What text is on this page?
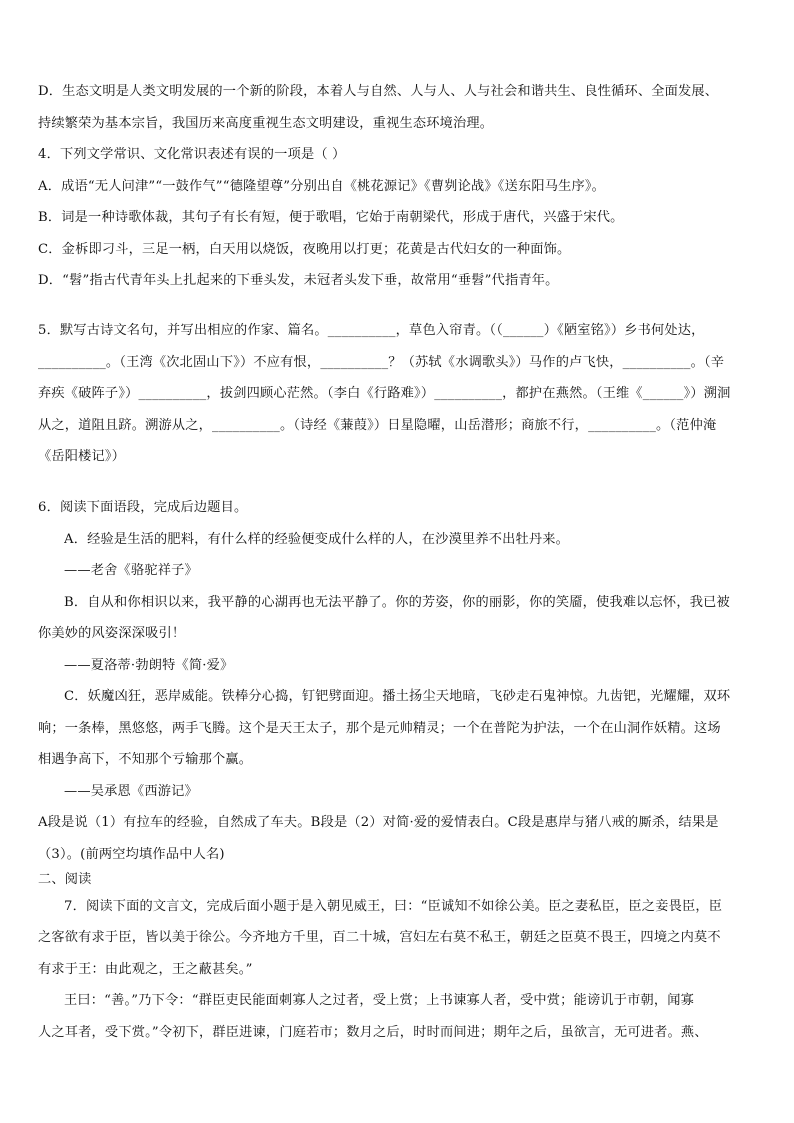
D．生态文明是人类文明发展的一个新的阶段，本着人与自然、人与人、人与社会和谐共生、良性循环、全面发展、
持续繁荣为基本宗旨，我国历来高度重视生态文明建设，重视生态环境治理。
4．下列文学常识、文化常识表述有误的一项是（ ）
A．成语“无人问津”“一鼓作气”“德隆望尊”分别出自《桃花源记》《曹刿论战》《送东阳马生序》。
B．词是一种诗歌体裁，其句子有长有短，便于歌唱，它始于南朝梁代，形成于唐代，兴盛于宋代。
C．金柝即刁斗，三足一柄，白天用以烧饭，夜晚用以打更；花黄是古代妇女的一种面饰。
D．“髫”指古代青年头上扎起来的下垂头发，未冠者头发下垂，故常用“垂髫”代指青年。
5．默写古诗文名句，并写出相应的作家、篇名。__________，草色入帘青。（（______）《陋室铭》）乡书何处达，
__________。（王湾《次北固山下》）不应有恨，__________？（苏轼《水调歌头》）马作的卢飞快，__________。（辛
弃疾《破阵子》）__________，拔剑四顾心茫然。（李白《行路难》）__________，都护在燕然。（王维《______》）溯洄
从之，道阻且跻。溯游从之，__________。（诗经《蒹葭》）日星隐曜，山岳潜形；商旅不行，__________。（范仲淹
《岳阳楼记》）
6．阅读下面语段，完成后边题目。
A．经验是生活的肥料，有什么样的经验便变成什么样的人，在沙漠里养不出牡丹来。
——老舍《骆驼祥子》
B．自从和你相识以来，我平静的心湖再也无法平静了。你的芳姿，你的丽影，你的笑靥，使我难以忘怀，我已被
你美妙的风姿深深吸引！
——夏洛蒂·勃朗特《简·爱》
C．妖魔凶狂，恶岸威能。铁棒分心捣，钉钯劈面迎。播土扬尘天地暗，飞砂走石鬼神惊。九齿钯，光耀耀，双环
响；一条棒，黑悠悠，两手飞腾。这个是天王太子，那个是元帅精灵；一个在普陀为护法，一个在山洞作妖精。这场
相遇争高下，不知那个亏输那个赢。
——吴承恩《西游记》
A段是说（1）有拉车的经验，自然成了车夫。B段是（2）对简·爱的爱情表白。C段是惠岸与猪八戒的厮杀，结果是
（3）。(前两空均填作品中人名)
二、阅读
7．阅读下面的文言文，完成后面小题于是入朝见威王，曰：“臣诚知不如徐公美。臣之妻私臣，臣之妾畏臣，臣
之客欲有求于臣，皆以美于徐公。今齐地方千里，百二十城，宫妇左右莫不私王，朝廷之臣莫不畏王，四境之内莫不
有求于王：由此观之，王之蔽甚矣。”
王曰：“善。”乃下令：“群臣吏民能面刺寡人之过者，受上赏；上书谏寡人者，受中赏；能谤讥于市朝，闻寡
人之耳者，受下赏。”令初下，群臣进谏，门庭若市；数月之后，时时而间进；期年之后，虽欲言，无可进者。燕、
